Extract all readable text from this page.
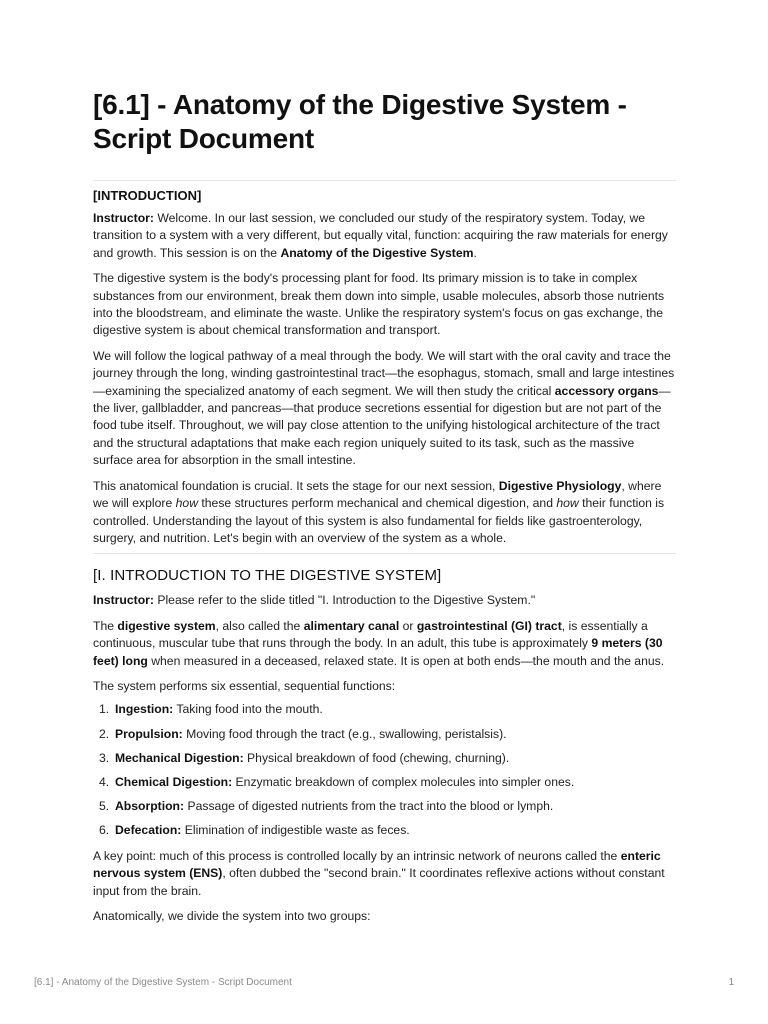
[6.1] - Anatomy of the Digestive System - Script Document
[INTRODUCTION]

Instructor: Welcome. In our last session, we concluded our study of the respiratory system. Today, we transition to a system with a very different, but equally vital, function: acquiring the raw materials for energy and growth. This session is on the Anatomy of the Digestive System.

The digestive system is the body's processing plant for food. Its primary mission is to take in complex substances from our environment, break them down into simple, usable molecules, absorb those nutrients into the bloodstream, and eliminate the waste. Unlike the respiratory system's focus on gas exchange, the digestive system is about chemical transformation and transport.

We will follow the logical pathway of a meal through the body. We will start with the oral cavity and trace the journey through the long, winding gastrointestinal tract—the esophagus, stomach, small and large intestines—examining the specialized anatomy of each segment. We will then study the critical accessory organs—the liver, gallbladder, and pancreas—that produce secretions essential for digestion but are not part of the food tube itself. Throughout, we will pay close attention to the unifying histological architecture of the tract and the structural adaptations that make each region uniquely suited to its task, such as the massive surface area for absorption in the small intestine.

This anatomical foundation is crucial. It sets the stage for our next session, Digestive Physiology, where we will explore how these structures perform mechanical and chemical digestion, and how their function is controlled. Understanding the layout of this system is also fundamental for fields like gastroenterology, surgery, and nutrition. Let's begin with an overview of the system as a whole.

[I. INTRODUCTION TO THE DIGESTIVE SYSTEM]

Instructor: Please refer to the slide titled "I. Introduction to the Digestive System."

The digestive system, also called the alimentary canal or gastrointestinal (GI) tract, is essentially a continuous, muscular tube that runs through the body. In an adult, this tube is approximately 9 meters (30 feet) long when measured in a deceased, relaxed state. It is open at both ends—the mouth and the anus.

The system performs six essential, sequential functions:

1. Ingestion: Taking food into the mouth.
2. Propulsion: Moving food through the tract (e.g., swallowing, peristalsis).
3. Mechanical Digestion: Physical breakdown of food (chewing, churning).
4. Chemical Digestion: Enzymatic breakdown of complex molecules into simpler ones.
5. Absorption: Passage of digested nutrients from the tract into the blood or lymph.
6. Defecation: Elimination of indigestible waste as feces.

A key point: much of this process is controlled locally by an intrinsic network of neurons called the enteric nervous system (ENS), often dubbed the "second brain." It coordinates reflexive actions without constant input from the brain.

Anatomically, we divide the system into two groups:

[6.1] - Anatomy of the Digestive System - Script Document	1
